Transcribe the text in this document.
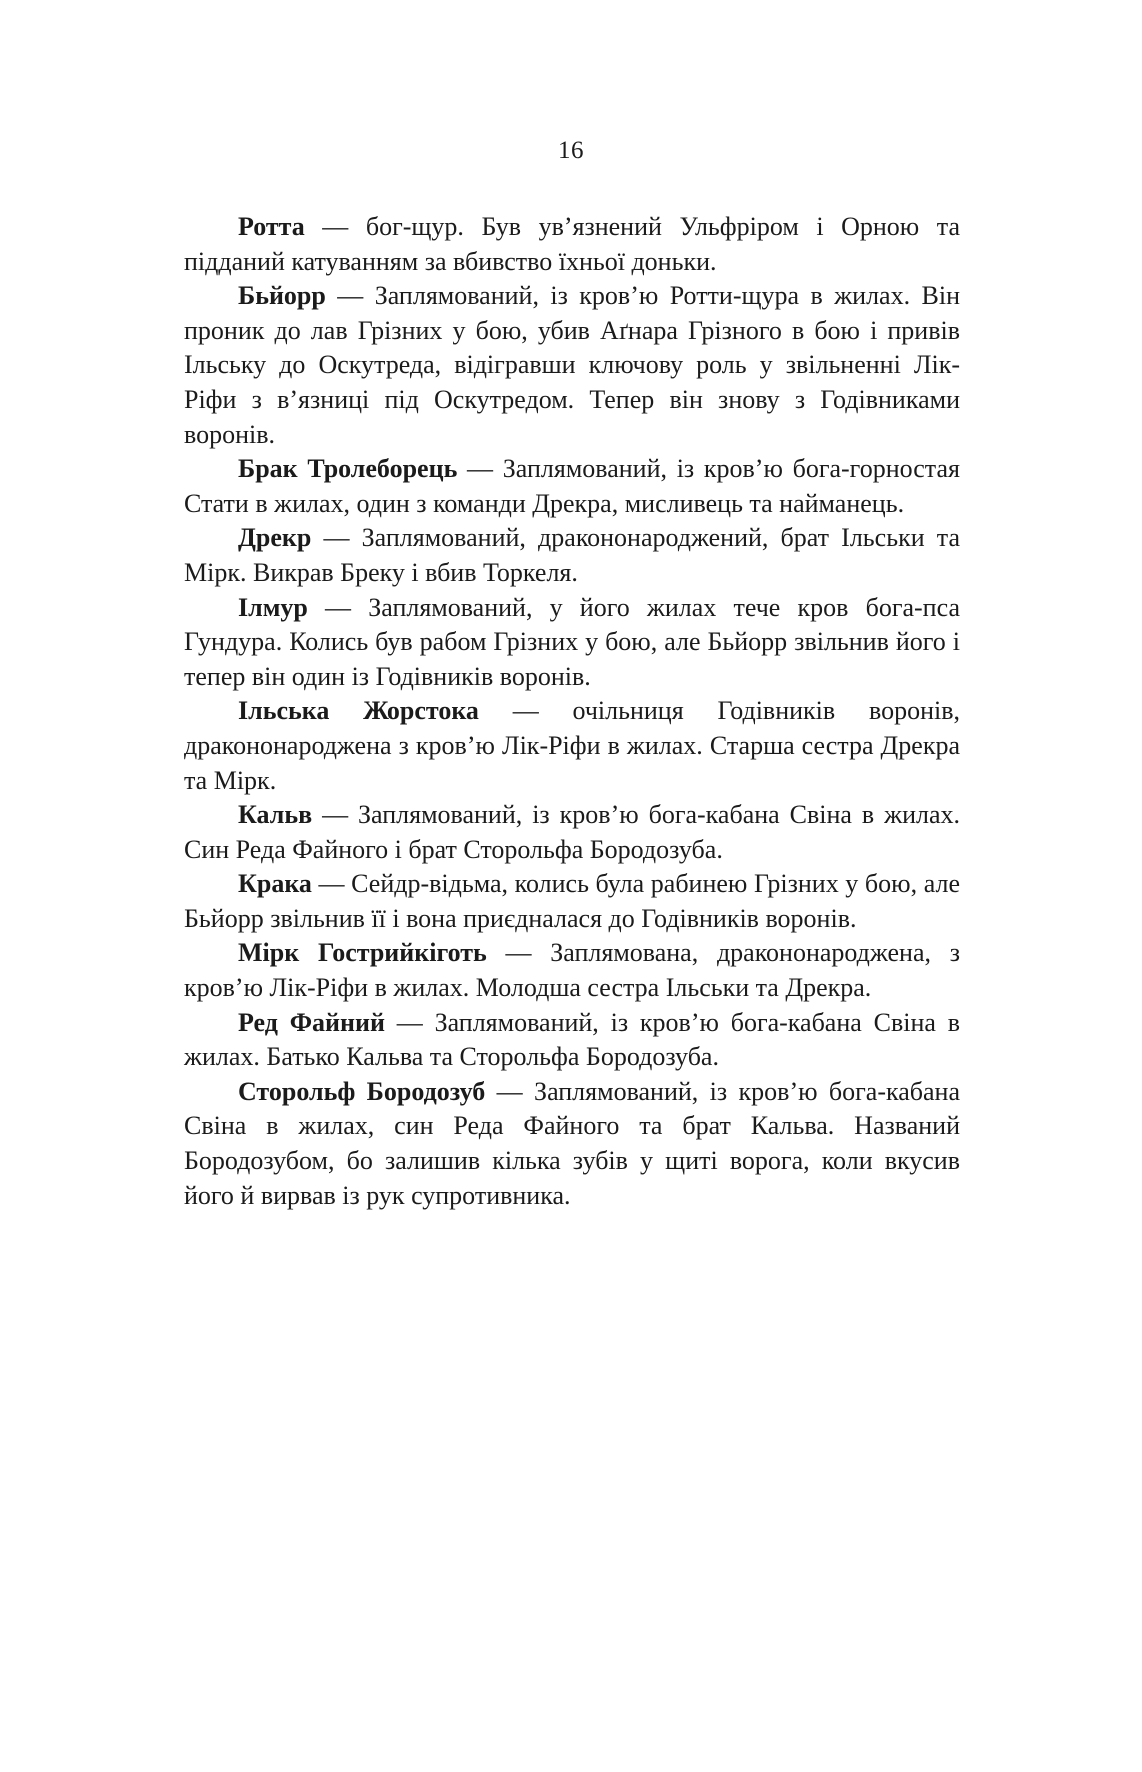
16

Ротта — бог-щур. Був ув’язнений Ульфріром і Орною та підданий катуванням за вбивство їхньої доньки.

Бьйорр — Заплямований, із кров’ю Ротти-щура в жилах. Він проник до лав Грізних у бою, убив Аґнара Грізного в бою і привів Ільську до Оскутреда, відігравши ключову роль у звільненні Лік-Ріфи з в’язниці під Оскутредом. Тепер він знову з Годівниками воронів.

Брак Тролеборець — Заплямований, із кров’ю бога-горностая Стати в жилах, один з команди Дрекра, мисливець та найманець.

Дрекр — Заплямований, дракононароджений, брат Ільськи та Мірк. Викрав Бреку і вбив Торкеля.

Ілмур — Заплямований, у його жилах тече кров бога-пса Гундура. Колись був рабом Грізних у бою, але Бьйорр звільнив його і тепер він один із Годівників воронів.

Ільська Жорстока — очільниця Годівників воронів, дракононароджена з кров’ю Лік-Ріфи в жилах. Старша сестра Дрекра та Мірк.

Кальв — Заплямований, із кров’ю бога-кабана Свіна в жилах. Син Реда Файного і брат Сторольфа Бородозуба.

Крака — Сейдр-відьма, колись була рабинею Грізних у бою, але Бьйорр звільнив її і вона приєдналася до Годівників воронів.

Мірк Гострийкіготь — Заплямована, дракононароджена, з кров’ю Лік-Ріфи в жилах. Молодша сестра Ільськи та Дрекра.

Ред Файний — Заплямований, із кров’ю бога-кабана Свіна в жилах. Батько Кальва та Сторольфа Бородозуба.

Сторольф Бородозуб — Заплямований, із кров’ю бога-кабана Свіна в жилах, син Реда Файного та брат Кальва. Названий Бородозубом, бо залишив кілька зубів у щиті ворога, коли вкусив його й вирвав із рук супротивника.
